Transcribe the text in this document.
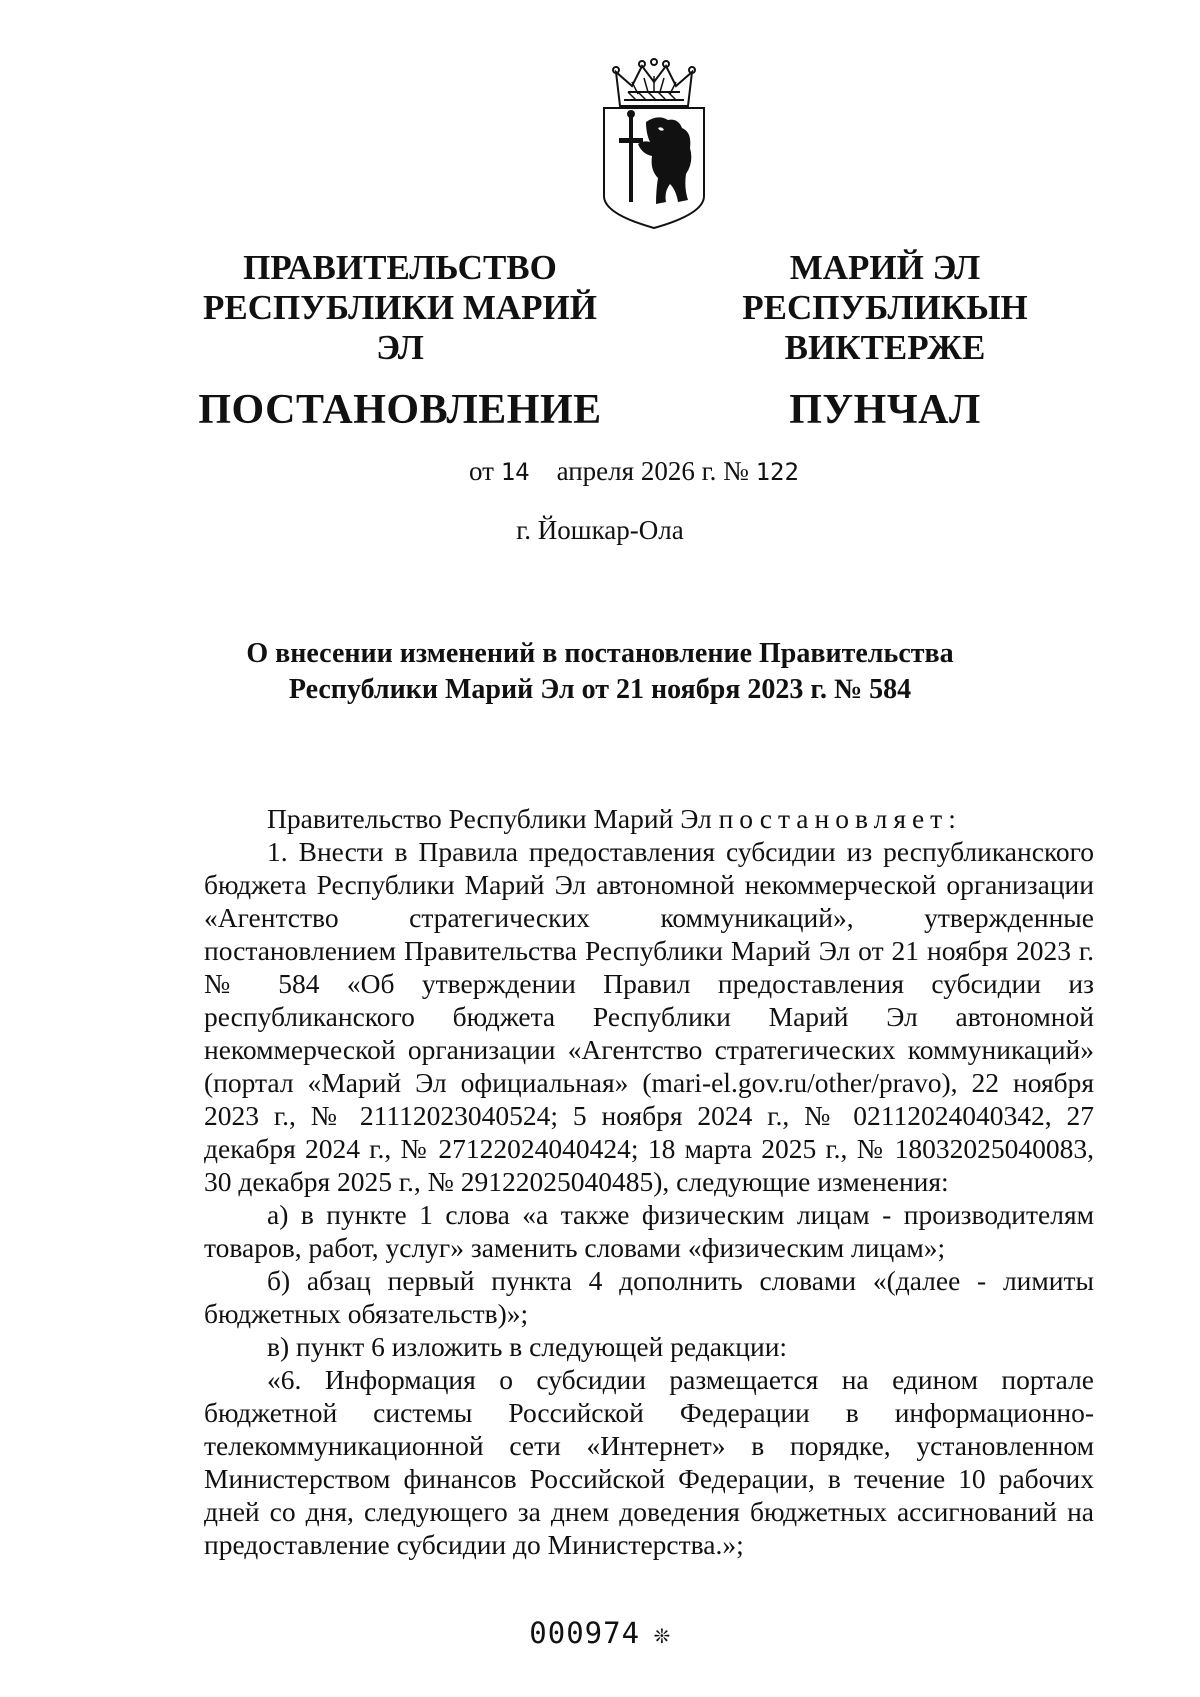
ПРАВИТЕЛЬСТВО
РЕСПУБЛИКИ МАРИЙ ЭЛ
ПОСТАНОВЛЕНИЕ
МАРИЙ ЭЛ РЕСПУБЛИКЫН
ВИКТЕРЖЕ
ПУНЧАЛ
от 14 апреля 2026 г. № 122
г. Йошкар-Ола
О внесении изменений в постановление Правительства
Республики Марий Эл от 21 ноября 2023 г. № 584

Правительство Республики Марий Эл постановляет:

1. Внести в Правила предоставления субсидии из республиканского бюджета Республики Марий Эл автономной некоммерческой организации «Агентство стратегических коммуникаций», утвержденные постановлением Правительства Республики Марий Эл от 21 ноября 2023 г. № 584 «Об утверждении Правил предоставления субсидии из республиканского бюджета Республики Марий Эл автономной некоммерческой организации «Агентство стратегических коммуникаций» (портал «Марий Эл официальная» (mari-el.gov.ru/other/pravo), 22 ноября 2023 г., № 21112023040524; 5 ноября 2024 г., № 02112024040342, 27 декабря 2024 г., № 27122024040424; 18 марта 2025 г., № 18032025040083, 30 декабря 2025 г., № 29122025040485), следующие изменения:

а) в пункте 1 слова «а также физическим лицам - производителям товаров, работ, услуг» заменить словами «физическим лицам»;

б) абзац первый пункта 4 дополнить словами «(далее - лимиты бюджетных обязательств)»;

в) пункт 6 изложить в следующей редакции:

«6. Информация о субсидии размещается на едином портале бюджетной системы Российской Федерации в информационно-телекоммуникационной сети «Интернет» в порядке, установленном Министерством финансов Российской Федерации, в течение 10 рабочих дней со дня, следующего за днем доведения бюджетных ассигнований на предоставление субсидии до Министерства.»;

000974 ❊
